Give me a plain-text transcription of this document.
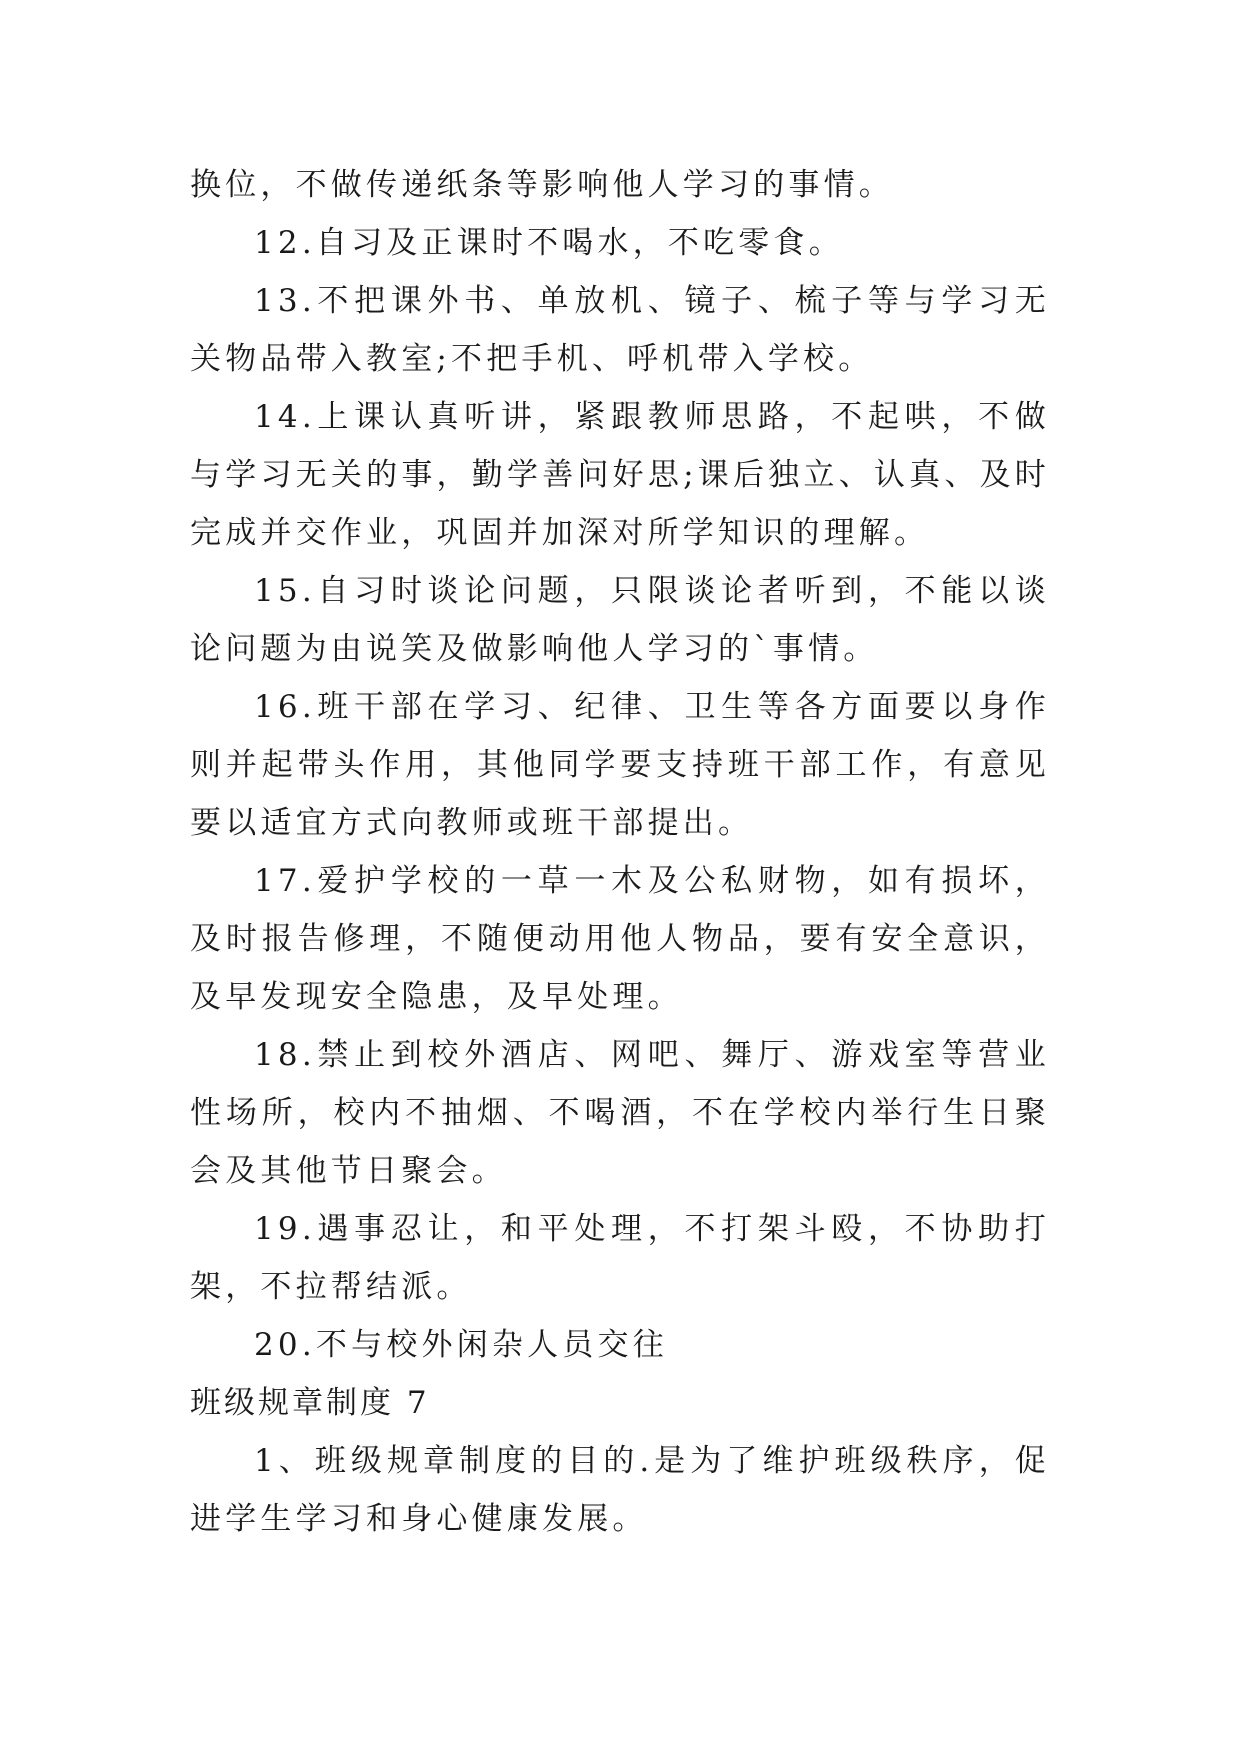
换位，不做传递纸条等影响他人学习的事情。

12.自习及正课时不喝水，不吃零食。

13.不把课外书、单放机、镜子、梳子等与学习无关物品带入教室;不把手机、呼机带入学校。

14.上课认真听讲，紧跟教师思路，不起哄，不做与学习无关的事，勤学善问好思;课后独立、认真、及时完成并交作业，巩固并加深对所学知识的理解。

15.自习时谈论问题，只限谈论者听到，不能以谈论问题为由说笑及做影响他人学习的`事情。

16.班干部在学习、纪律、卫生等各方面要以身作则并起带头作用，其他同学要支持班干部工作，有意见要以适宜方式向教师或班干部提出。

17.爱护学校的一草一木及公私财物，如有损坏，及时报告修理，不随便动用他人物品，要有安全意识，及早发现安全隐患，及早处理。

18.禁止到校外酒店、网吧、舞厅、游戏室等营业性场所，校内不抽烟、不喝酒，不在学校内举行生日聚会及其他节日聚会。

19.遇事忍让，和平处理，不打架斗殴，不协助打架，不拉帮结派。

20.不与校外闲杂人员交往

班级规章制度 7

1、班级规章制度的目的.是为了维护班级秩序，促进学生学习和身心健康发展。
